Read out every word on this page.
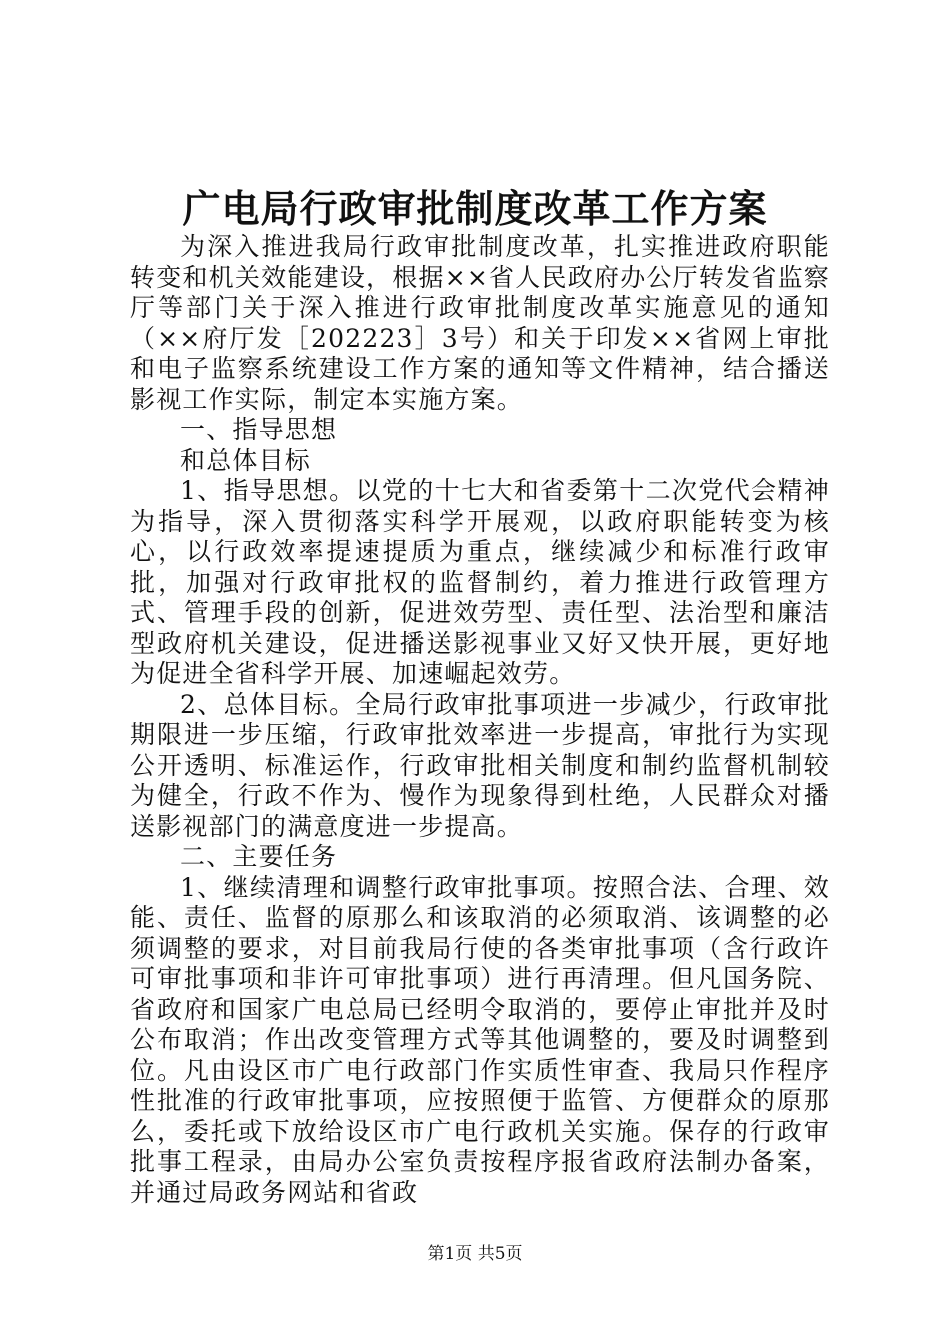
广电局行政审批制度改革工作方案

为深入推进我局行政审批制度改革，扎实推进政府职能转变和机关效能建设，根据××省人民政府办公厅转发省监察厅等部门关于深入推进行政审批制度改革实施意见的通知（××府厅发［202223］3号）和关于印发××省网上审批和电子监察系统建设工作方案的通知等文件精神，结合播送影视工作实际，制定本实施方案。

一、指导思想

和总体目标

1、指导思想。以党的十七大和省委第十二次党代会精神为指导，深入贯彻落实科学开展观，以政府职能转变为核心，以行政效率提速提质为重点，继续减少和标准行政审批，加强对行政审批权的监督制约，着力推进行政管理方式、管理手段的创新，促进效劳型、责任型、法治型和廉洁型政府机关建设，促进播送影视事业又好又快开展，更好地为促进全省科学开展、加速崛起效劳。

2、总体目标。全局行政审批事项进一步减少，行政审批期限进一步压缩，行政审批效率进一步提高，审批行为实现公开透明、标准运作，行政审批相关制度和制约监督机制较为健全，行政不作为、慢作为现象得到杜绝，人民群众对播送影视部门的满意度进一步提高。

二、主要任务

1、继续清理和调整行政审批事项。按照合法、合理、效能、责任、监督的原那么和该取消的必须取消、该调整的必须调整的要求，对目前我局行使的各类审批事项（含行政许可审批事项和非许可审批事项）进行再清理。但凡国务院、省政府和国家广电总局已经明令取消的，要停止审批并及时公布取消；作出改变管理方式等其他调整的，要及时调整到位。凡由设区市广电行政部门作实质性审查、我局只作程序性批准的行政审批事项，应按照便于监管、方便群众的原那么，委托或下放给设区市广电行政机关实施。保存的行政审批事工程录，由局办公室负责按程序报省政府法制办备案，并通过局政务网站和省政

第1页 共5页
